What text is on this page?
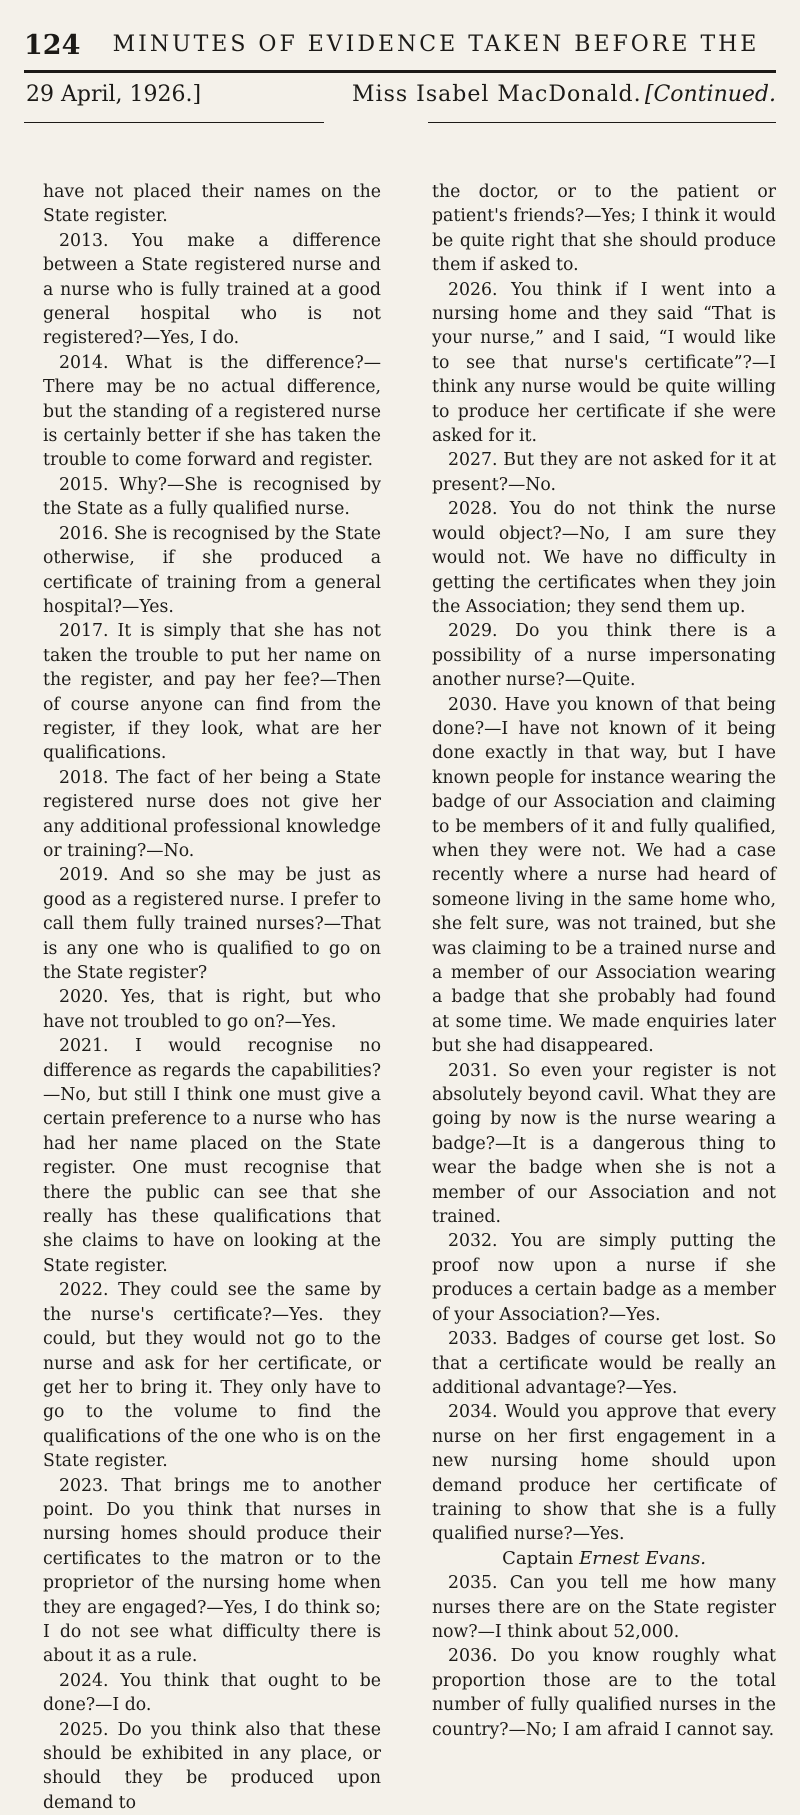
124	MINUTES OF EVIDENCE TAKEN BEFORE THE
29 April, 1926.]	Miss Isabel MacDonald. [Continued.

have not placed their names on the State register.

2013. You make a difference between a State registered nurse and a nurse who is fully trained at a good general hospital who is not registered?—Yes, I do.

2014. What is the difference?—There may be no actual difference, but the standing of a registered nurse is certainly better if she has taken the trouble to come forward and register.

2015. Why?—She is recognised by the State as a fully qualified nurse.

2016. She is recognised by the State otherwise, if she produced a certificate of training from a general hospital?—Yes.

2017. It is simply that she has not taken the trouble to put her name on the register, and pay her fee?—Then of course anyone can find from the register, if they look, what are her qualifications.

2018. The fact of her being a State registered nurse does not give her any additional professional knowledge or training?—No.

2019. And so she may be just as good as a registered nurse. I prefer to call them fully trained nurses?—That is any one who is qualified to go on the State register?

2020. Yes, that is right, but who have not troubled to go on?—Yes.

2021. I would recognise no difference as regards the capabilities?—No, but still I think one must give a certain preference to a nurse who has had her name placed on the State register. One must recognise that there the public can see that she really has these qualifications that she claims to have on looking at the State register.

2022. They could see the same by the nurse's certificate?—Yes. they could, but they would not go to the nurse and ask for her certificate, or get her to bring it. They only have to go to the volume to find the qualifications of the one who is on the State register.

2023. That brings me to another point. Do you think that nurses in nursing homes should produce their certificates to the matron or to the proprietor of the nursing home when they are engaged?—Yes, I do think so; I do not see what difficulty there is about it as a rule.

2024. You think that ought to be done?—I do.

2025. Do you think also that these should be exhibited in any place, or should they be produced upon demand to

the doctor, or to the patient or patient's friends?—Yes; I think it would be quite right that she should produce them if asked to.

2026. You think if I went into a nursing home and they said “That is your nurse,” and I said, “I would like to see that nurse's certificate”?—I think any nurse would be quite willing to produce her certificate if she were asked for it.

2027. But they are not asked for it at present?—No.

2028. You do not think the nurse would object?—No, I am sure they would not. We have no difficulty in getting the certificates when they join the Association; they send them up.

2029. Do you think there is a possibility of a nurse impersonating another nurse?—Quite.

2030. Have you known of that being done?—I have not known of it being done exactly in that way, but I have known people for instance wearing the badge of our Association and claiming to be members of it and fully qualified, when they were not. We had a case recently where a nurse had heard of someone living in the same home who, she felt sure, was not trained, but she was claiming to be a trained nurse and a member of our Association wearing a badge that she probably had found at some time. We made enquiries later but she had disappeared.

2031. So even your register is not absolutely beyond cavil. What they are going by now is the nurse wearing a badge?—It is a dangerous thing to wear the badge when she is not a member of our Association and not trained.

2032. You are simply putting the proof now upon a nurse if she produces a certain badge as a member of your Association?—Yes.

2033. Badges of course get lost. So that a certificate would be really an additional advantage?—Yes.

2034. Would you approve that every nurse on her first engagement in a new nursing home should upon demand produce her certificate of training to show that she is a fully qualified nurse?—Yes.

Captain Ernest Evans.

2035. Can you tell me how many nurses there are on the State register now?—I think about 52,000.

2036. Do you know roughly what proportion those are to the total number of fully qualified nurses in the country?—No; I am afraid I cannot say.
